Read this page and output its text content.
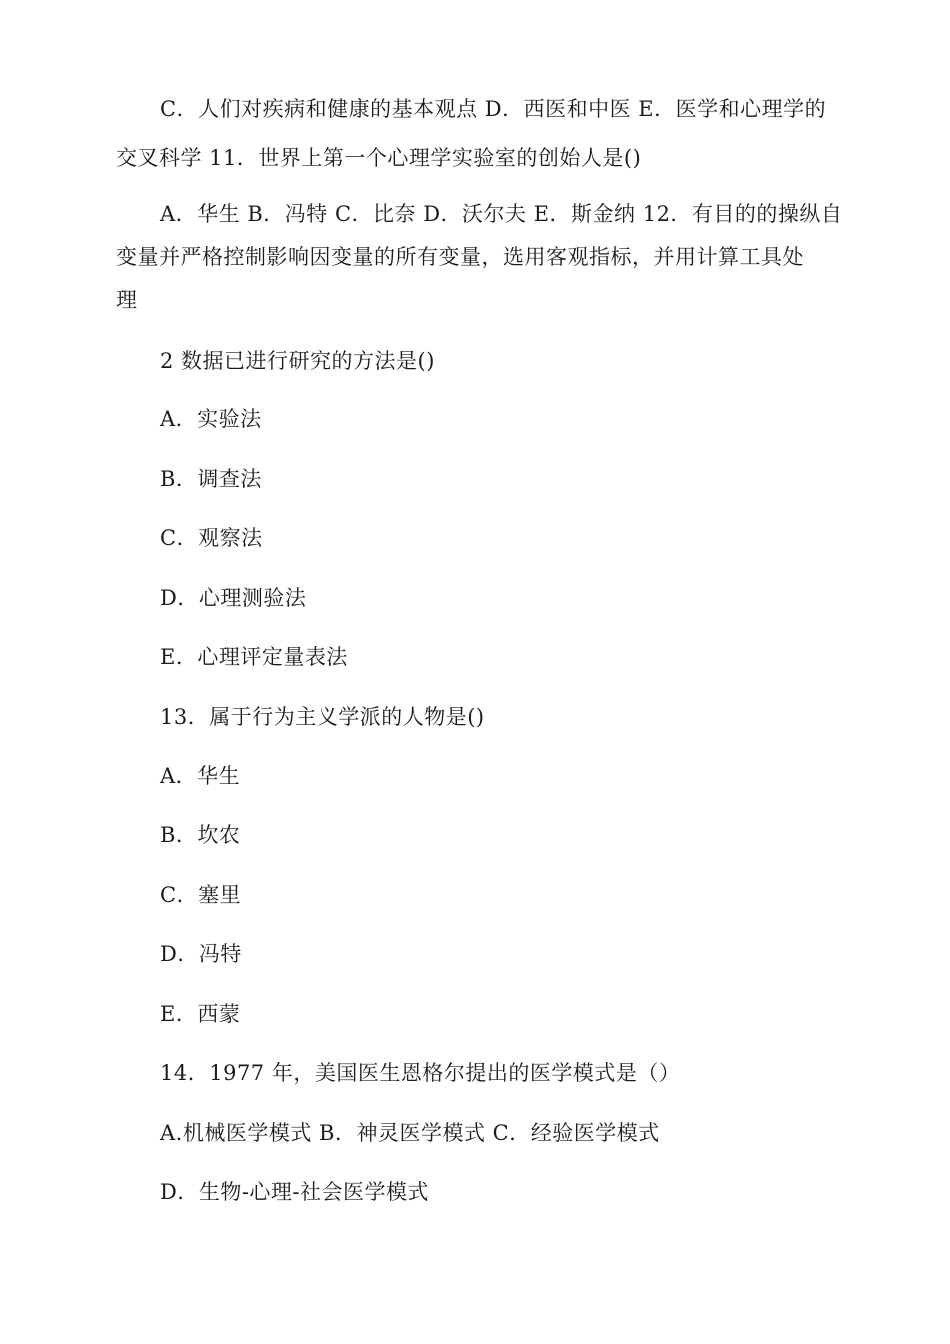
C．人们对疾病和健康的基本观点 D．西医和中医 E．医学和心理学的
交叉科学 11．世界上第一个心理学实验室的创始人是()
A．华生 B．冯特 C．比奈 D．沃尔夫 E．斯金纳 12．有目的的操纵自
变量并严格控制影响因变量的所有变量，选用客观指标，并用计算工具处
理
2 数据已进行研究的方法是()
A．实验法
B．调查法
C．观察法
D．心理测验法
E．心理评定量表法
13．属于行为主义学派的人物是()
A．华生
B．坎农
C．塞里
D．冯特
E．西蒙
14．1977 年，美国医生恩格尔提出的医学模式是（）
A.机械医学模式 B．神灵医学模式 C．经验医学模式
D．生物-心理-社会医学模式
